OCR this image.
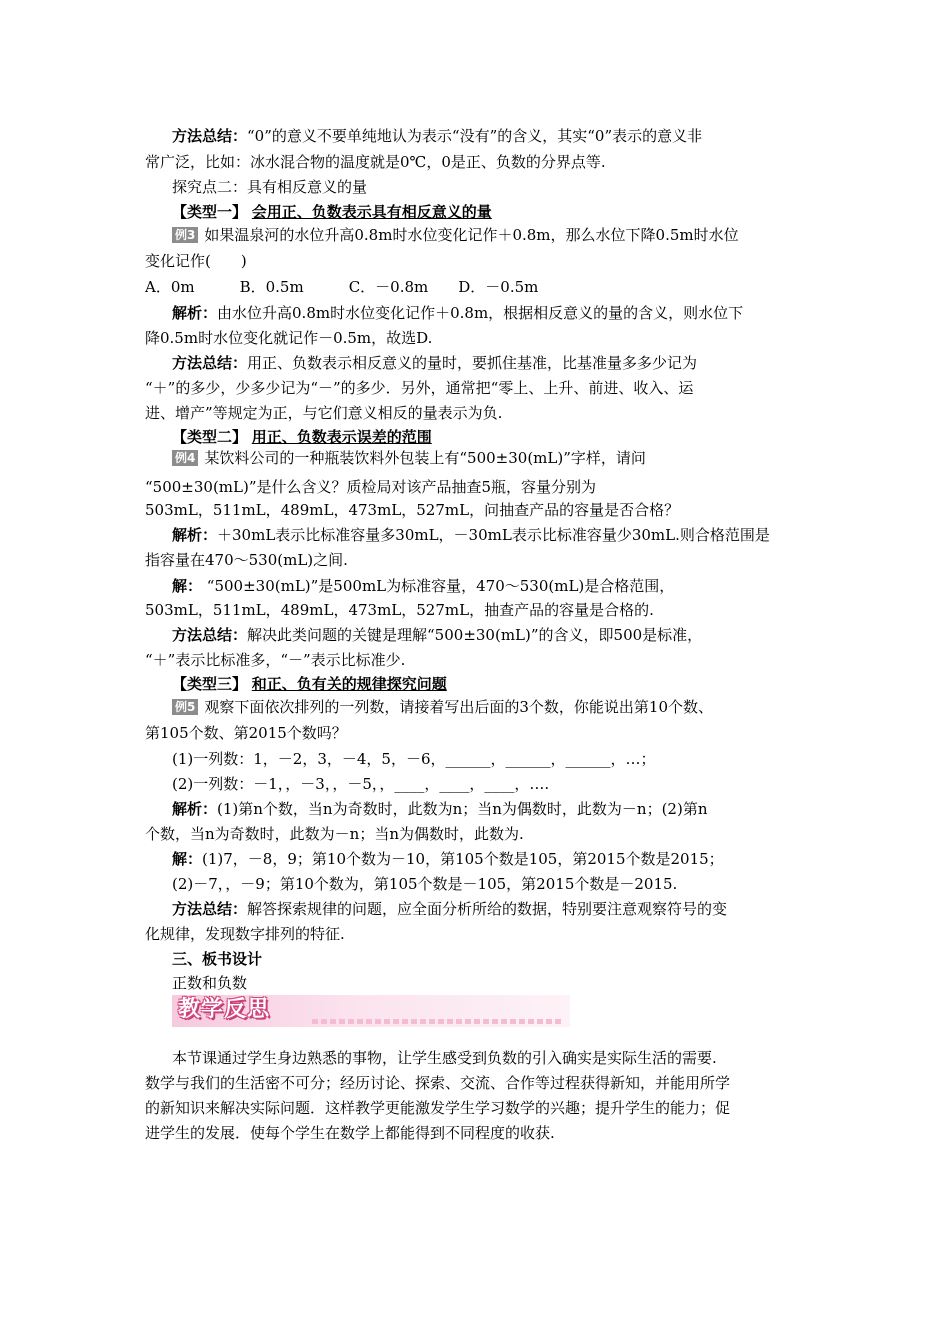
方法总结：“0”的意义不要单纯地认为表示“没有”的含义，其实“0”表示的意义非
常广泛，比如：冰水混合物的温度就是0℃，0是正、负数的分界点等.
探究点二：具有相反意义的量
【类型一】 会用正、负数表示具有相反意义的量
例3 如果温泉河的水位升高0.8m时水位变化记作＋0.8m，那么水位下降0.5m时水位
变化记作(　　)
A．0m　　　B．0.5m　　　C．－0.8m　　D．－0.5m
解析：由水位升高0.8m时水位变化记作＋0.8m，根据相反意义的量的含义，则水位下
降0.5m时水位变化就记作－0.5m，故选D.
方法总结：用正、负数表示相反意义的量时，要抓住基准，比基准量多多少记为
“＋”的多少，少多少记为“－”的多少．另外，通常把“零上、上升、前进、收入、运
进、增产”等规定为正，与它们意义相反的量表示为负.
【类型二】 用正、负数表示误差的范围
例4 某饮料公司的一种瓶装饮料外包装上有“500±30(mL)”字样，请问
“500±30(mL)”是什么含义？质检局对该产品抽查5瓶，容量分别为
503mL，511mL，489mL，473mL，527mL，问抽查产品的容量是否合格？
解析：＋30mL表示比标准容量多30mL，－30mL表示比标准容量少30mL.则合格范围是
指容量在470～530(mL)之间.
解： “500±30(mL)”是500mL为标准容量，470～530(mL)是合格范围，
503mL，511mL，489mL，473mL，527mL，抽查产品的容量是合格的.
方法总结：解决此类问题的关键是理解“500±30(mL)”的含义，即500是标准，
“＋”表示比标准多，“－”表示比标准少.
【类型三】 和正、负有关的规律探究问题
例5 观察下面依次排列的一列数，请接着写出后面的3个数，你能说出第10个数、
第105个数、第2015个数吗？
(1)一列数：1，－2，3，－4，5，－6，______，______，______，…；
(2)一列数：－1，，－3，，－5，，____，____，____，….
解析：(1)第n个数，当n为奇数时，此数为n；当n为偶数时，此数为－n；(2)第n
个数，当n为奇数时，此数为－n；当n为偶数时，此数为.
解：(1)7，－8，9；第10个数为－10，第105个数是105，第2015个数是2015；
(2)－7，，－9；第10个数为，第105个数是－105，第2015个数是－2015.
方法总结：解答探索规律的问题，应全面分析所给的数据，特别要注意观察符号的变
化规律，发现数字排列的特征.
三、板书设计
正数和负数
教学反思
本节课通过学生身边熟悉的事物，让学生感受到负数的引入确实是实际生活的需要.
数学与我们的生活密不可分；经历讨论、探索、交流、合作等过程获得新知，并能用所学
的新知识来解决实际问题．这样教学更能激发学生学习数学的兴趣；提升学生的能力；促
进学生的发展．使每个学生在数学上都能得到不同程度的收获.
